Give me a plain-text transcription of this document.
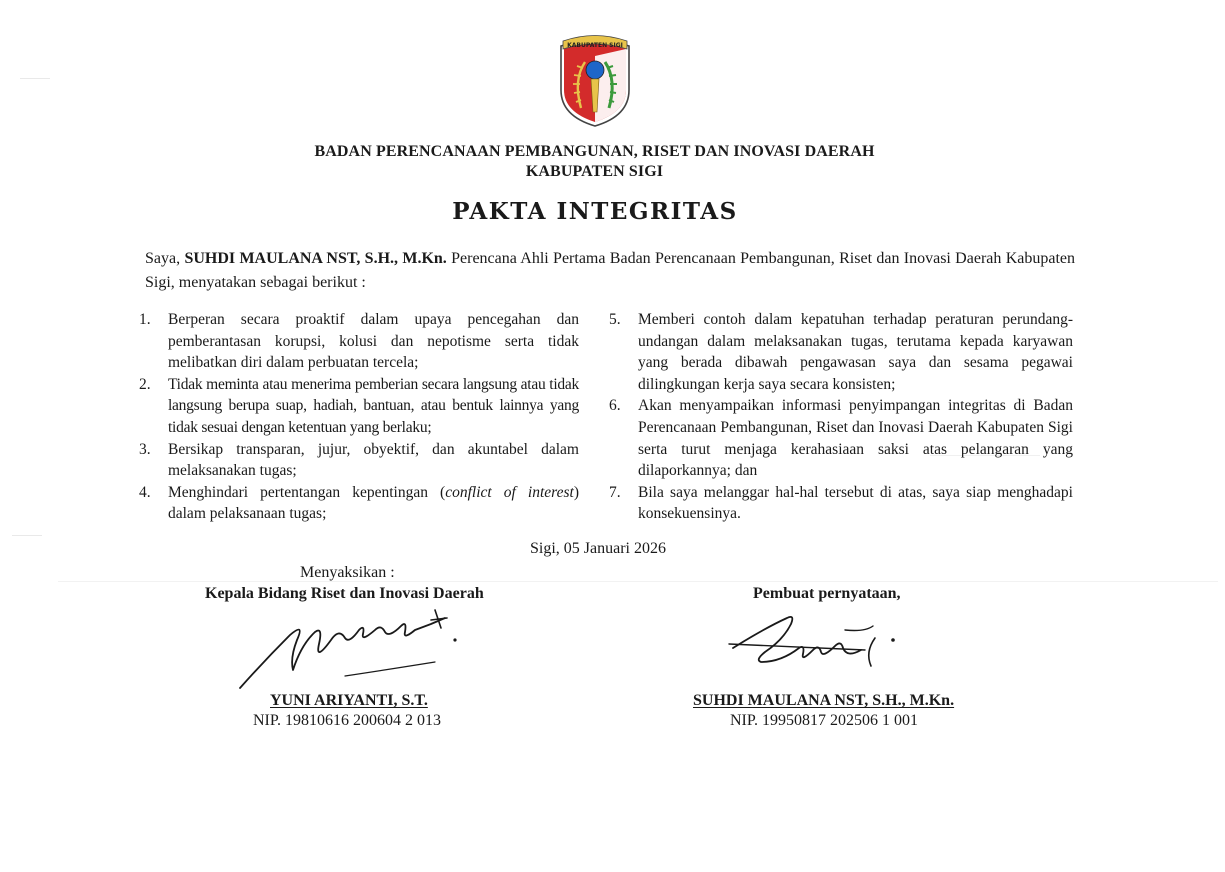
KABUPATEN SIGI
BADAN PERENCANAAN PEMBANGUNAN, RISET DAN INOVASI DAERAH
KABUPATEN SIGI
PAKTA INTEGRITAS
Saya, SUHDI MAULANA NST, S.H., M.Kn. Perencana Ahli Pertama Badan Perencanaan Pembangunan, Riset dan Inovasi Daerah Kabupaten Sigi, menyatakan sebagai berikut :
1.	Berperan secara proaktif dalam upaya pencegahan dan pemberantasan korupsi, kolusi dan nepotisme serta tidak melibatkan diri dalam perbuatan tercela;
2.	Tidak meminta atau menerima pemberian secara langsung atau tidak langsung berupa suap, hadiah, bantuan, atau bentuk lainnya yang tidak sesuai dengan ketentuan yang berlaku;
3.	Bersikap transparan, jujur, obyektif, dan akuntabel dalam melaksanakan tugas;
4.	Menghindari pertentangan kepentingan (conflict of interest) dalam pelaksanaan tugas;
5.	Memberi contoh dalam kepatuhan terhadap peraturan perundang-undangan dalam melaksanakan tugas, terutama kepada karyawan yang berada dibawah pengawasan saya dan sesama pegawai dilingkungan kerja saya secara konsisten;
6.	Akan menyampaikan informasi penyimpangan integritas di Badan Perencanaan Pembangunan, Riset dan Inovasi Daerah Kabupaten Sigi serta turut menjaga kerahasiaan saksi atas pelangaran yang dilaporkannya; dan
7.	Bila saya melanggar hal-hal tersebut di atas, saya siap menghadapi konsekuensinya.
Sigi, 05 Januari 2026
Menyaksikan :
Kepala Bidang Riset dan Inovasi Daerah	Pembuat pernyataan,
YUNI ARIYANTI, S.T.
NIP. 19810616 200604 2 013
SUHDI MAULANA NST, S.H., M.Kn.
NIP. 19950817 202506 1 001
